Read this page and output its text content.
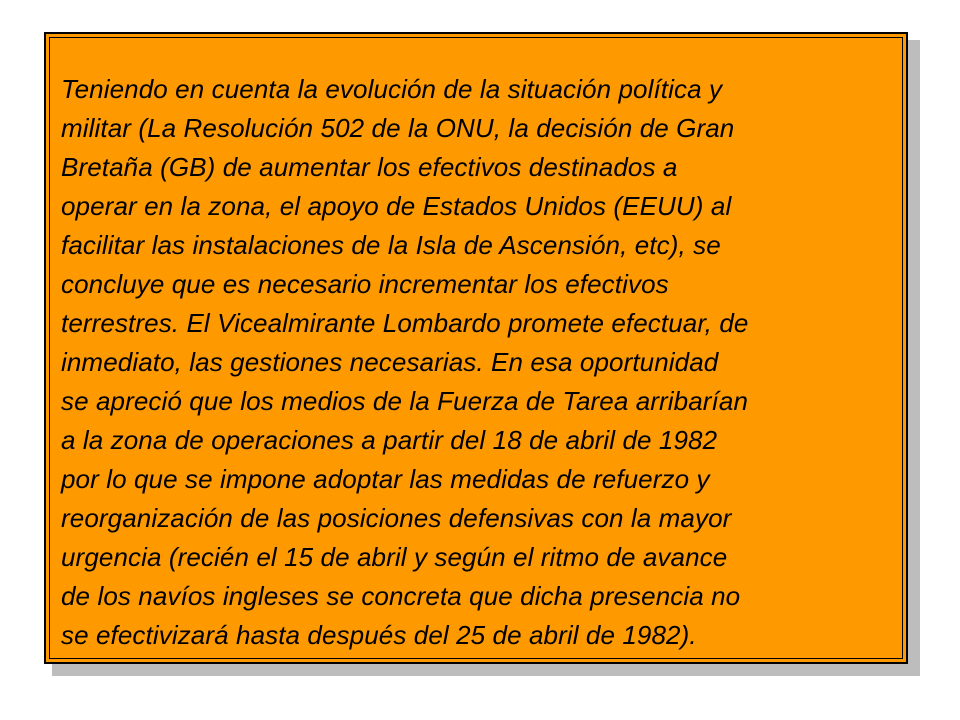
Teniendo en cuenta la evolución de la situación política y
militar (La Resolución 502 de la ONU, la decisión de Gran
Bretaña (GB) de aumentar los efectivos destinados a
operar en la zona, el apoyo de Estados Unidos (EEUU) al
facilitar las instalaciones de la Isla de Ascensión, etc), se
concluye que es necesario incrementar los efectivos
terrestres. El Vicealmirante Lombardo promete efectuar, de
inmediato, las gestiones necesarias. En esa oportunidad
se apreció que los medios de la Fuerza de Tarea arribarían
a la zona de operaciones a partir del 18 de abril de 1982
por lo que se impone adoptar las medidas de refuerzo y
reorganización de las posiciones defensivas con la mayor
urgencia (recién el 15 de abril y según el ritmo de avance
de los navíos ingleses se concreta que dicha presencia no
se efectivizará hasta después del 25 de abril de 1982).
